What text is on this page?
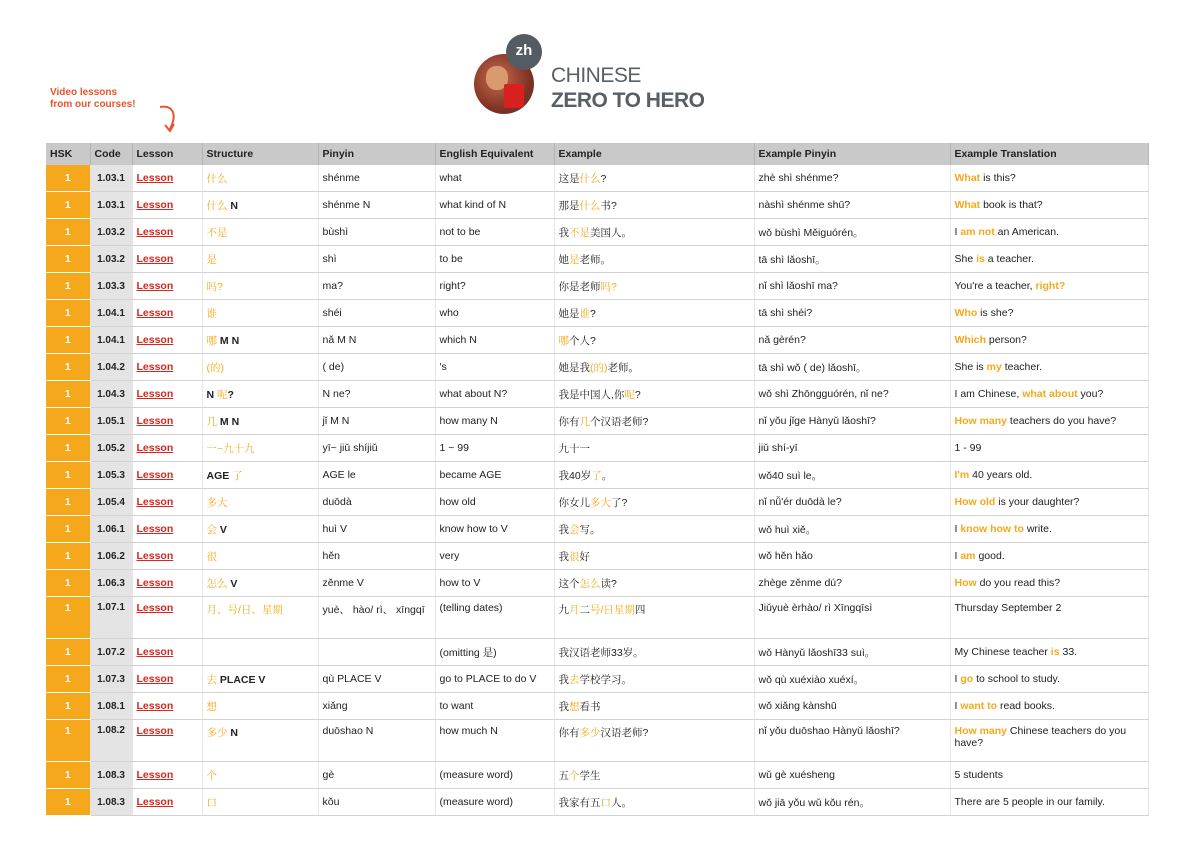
Video lessons
from our courses!
zh
CHINESE
ZERO TO HERO
HSK	Code	Lesson	Structure	Pinyin	English Equivalent	Example	Example Pinyin	Example Translation
1	1.03.1	Lesson	什么	shénme	what	这是什么?	zhè shì shénme?	What is this?
1	1.03.1	Lesson	什么 N	shénme N	what kind of N	那是什么书?	nàshì shénme shū?	What book is that?
1	1.03.2	Lesson	不是	bùshì	not to be	我不是美国人。	wǒ bùshì Měiguórén。	I am not an American.
1	1.03.2	Lesson	是	shì	to be	她是老师。	tā shì lǎoshī。	She is a teacher.
1	1.03.3	Lesson	吗?	ma?	right?	你是老师吗?	nǐ shì lǎoshī ma?	You're a teacher, right?
1	1.04.1	Lesson	谁	shéi	who	她是谁?	tā shì shéi?	Who is she?
1	1.04.1	Lesson	哪 M N	nǎ M N	which N	哪个人?	nǎ gèrén?	Which person?
1	1.04.2	Lesson	(的)	( de)	's	她是我(的)老师。	tā shì wǒ ( de) lǎoshī。	She is my teacher.
1	1.04.3	Lesson	N 呢?	N ne?	what about N?	我是中国人,你呢?	wǒ shì Zhōngguórén, nǐ ne?	I am Chinese, what about you?
1	1.05.1	Lesson	几 M N	jǐ M N	how many N	你有几个汉语老师?	nǐ yǒu jǐge Hànyǔ lǎoshī?	How many teachers do you have?
1	1.05.2	Lesson	一~九十九	yī~ jiǔ shíjiǔ	1 ~ 99	九十一	jiǔ shí-yī	1 - 99
1	1.05.3	Lesson	AGE 了	AGE le	became AGE	我40岁了。	wǒ40 suì le。	I'm 40 years old.
1	1.05.4	Lesson	多大	duōdà	how old	你女儿多大了?	nǐ nǚ'ér duōdà le?	How old is your daughter?
1	1.06.1	Lesson	会 V	huì V	know how to V	我会写。	wǒ huì xiě。	I know how to write.
1	1.06.2	Lesson	很	hěn	very	我很好	wǒ hěn hǎo	I am good.
1	1.06.3	Lesson	怎么 V	zěnme V	how to V	这个怎么读?	zhège zěnme dú?	How do you read this?
1	1.07.1	Lesson	月、号/日、星期	yuè、 hào/ rì、 xīngqī	(telling dates)	九月二号/日星期四	Jiǔyuè èrhào/ rì Xīngqīsì	Thursday September 2
1	1.07.2	Lesson			(omitting 是)	我汉语老师33岁。	wǒ Hànyǔ lǎoshī33 suì。	My Chinese teacher is 33.
1	1.07.3	Lesson	去 PLACE V	qù PLACE V	go to PLACE to do V	我去学校学习。	wǒ qù xuéxiào xuéxí。	I go to school to study.
1	1.08.1	Lesson	想	xiǎng	to want	我想看书	wǒ xiǎng kànshū	I want to read books.
1	1.08.2	Lesson	多少 N	duōshao N	how much N	你有多少汉语老师?	nǐ yǒu duōshao Hànyǔ lǎoshī?	How many Chinese teachers do you have?
1	1.08.3	Lesson	个	gè	(measure word)	五个学生	wǔ gè xuésheng	5 students
1	1.08.3	Lesson	口	kǒu	(measure word)	我家有五口人。	wǒ jiā yǒu wǔ kǒu rén。	There are 5 people in our family.
